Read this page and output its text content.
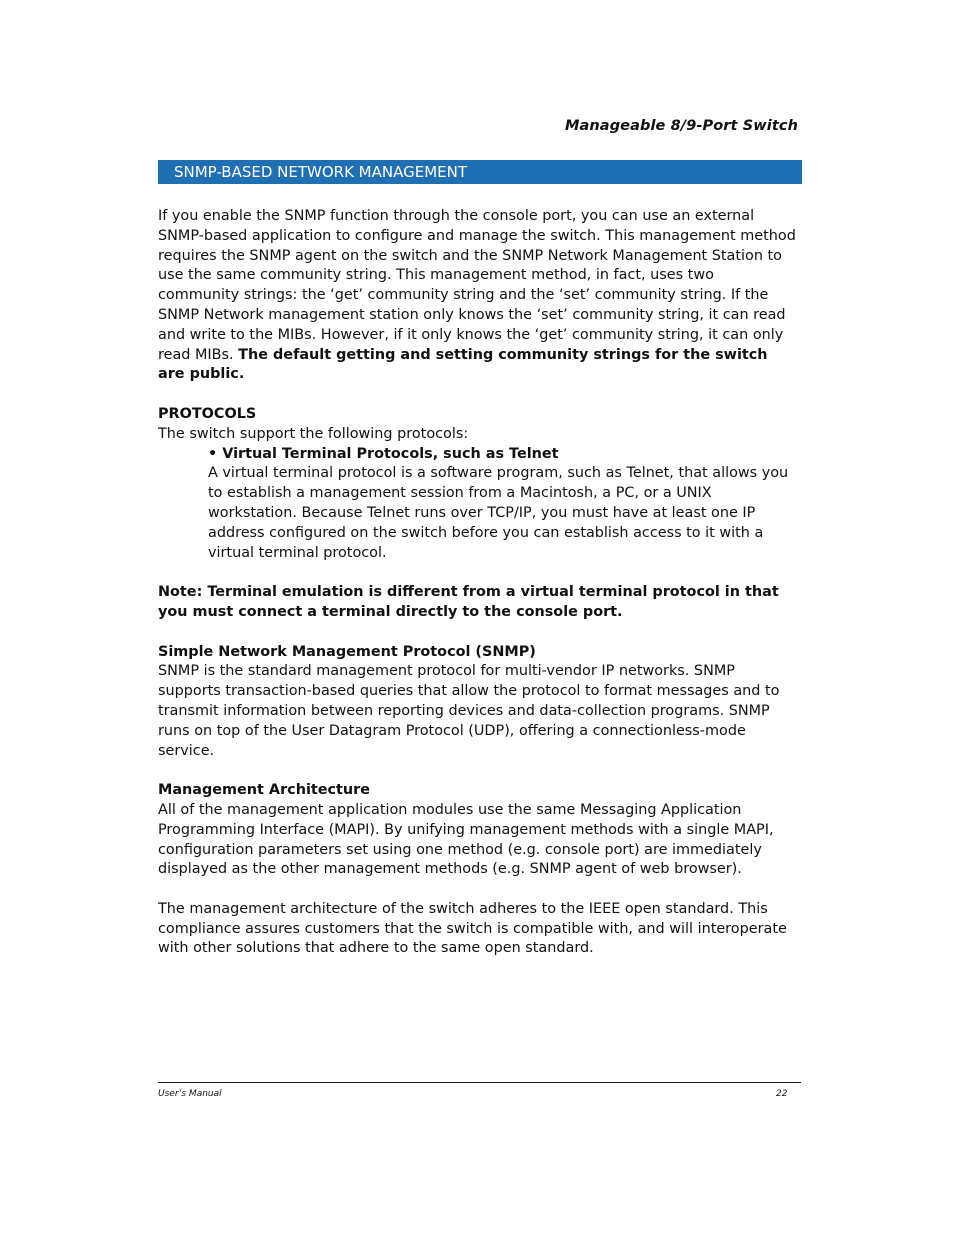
Manageable 8/9-Port Switch
SNMP-BASED NETWORK MANAGEMENT

If you enable the SNMP function through the console port, you can use an external SNMP-based application to configure and manage the switch. This management method requires the SNMP agent on the switch and the SNMP Network Management Station to use the same community string. This management method, in fact, uses two community strings: the ‘get’ community string and the ‘set’ community string. If the SNMP Network management station only knows the ‘set’ community string, it can read and write to the MIBs. However, if it only knows the ‘get’ community string, it can only read MIBs. The default getting and setting community strings for the switch are public.

PROTOCOLS

The switch support the following protocols:

• Virtual Terminal Protocols, such as Telnet

A virtual terminal protocol is a software program, such as Telnet, that allows you to establish a management session from a Macintosh, a PC, or a UNIX workstation. Because Telnet runs over TCP/IP, you must have at least one IP address configured on the switch before you can establish access to it with a virtual terminal protocol.

Note: Terminal emulation is different from a virtual terminal protocol in that you must connect a terminal directly to the console port.

Simple Network Management Protocol (SNMP)

SNMP is the standard management protocol for multi-vendor IP networks. SNMP supports transaction-based queries that allow the protocol to format messages and to transmit information between reporting devices and data-collection programs. SNMP runs on top of the User Datagram Protocol (UDP), offering a connectionless-mode service.

Management Architecture

All of the management application modules use the same Messaging Application Programming Interface (MAPI). By unifying management methods with a single MAPI, configuration parameters set using one method (e.g. console port) are immediately displayed as the other management methods (e.g. SNMP agent of web browser).

The management architecture of the switch adheres to the IEEE open standard. This compliance assures customers that the switch is compatible with, and will interoperate with other solutions that adhere to the same open standard.

User’s Manual	22
